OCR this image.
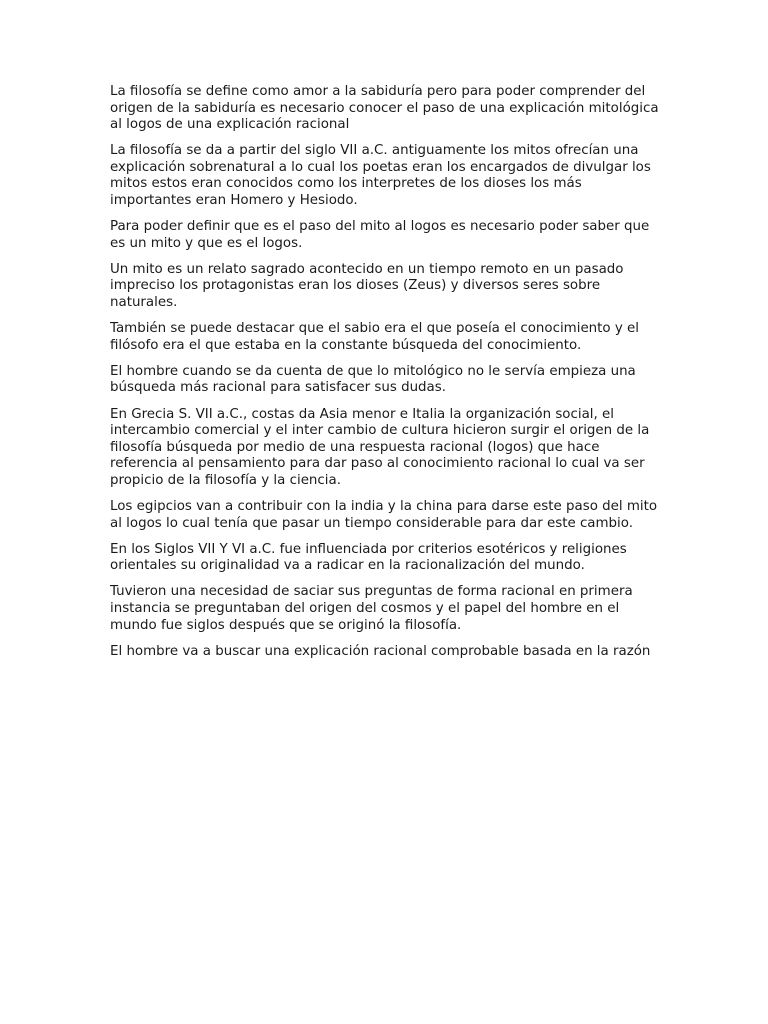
La filosofía se define como amor a la sabiduría pero para poder comprender del origen de la sabiduría es necesario conocer el paso de una explicación mitológica al logos de una explicación racional

La filosofía se da a partir del siglo VII a.C. antiguamente los mitos ofrecían una explicación sobrenatural a lo cual los poetas eran los encargados de divulgar los mitos estos eran conocidos como los interpretes de los dioses los más importantes eran Homero y Hesiodo.

Para poder definir que es el paso del mito al logos es necesario poder saber que es un mito y que es el logos.

Un mito es un relato sagrado acontecido en un tiempo remoto en un pasado impreciso los protagonistas eran los dioses (Zeus) y diversos seres sobre naturales.

También se puede destacar que el sabio era el que poseía el conocimiento y el filósofo era el que estaba en la constante búsqueda del conocimiento.

El hombre cuando se da cuenta de que lo mitológico no le servía empieza una búsqueda más racional para satisfacer sus dudas.

En Grecia S. VII a.C., costas da Asia menor e Italia la organización social, el intercambio comercial y el inter cambio de cultura hicieron surgir el origen de la filosofía búsqueda por medio de una respuesta racional (logos) que hace referencia al pensamiento para dar paso al conocimiento racional lo cual va ser propicio de la filosofía y la ciencia.

Los egipcios van a contribuir con la india y la china para darse este paso del mito al logos lo cual tenía que pasar un tiempo considerable para dar este cambio.

En los Siglos VII Y VI a.C. fue influenciada por criterios esotéricos y religiones orientales su originalidad va a radicar en la racionalización del mundo.

Tuvieron una necesidad de saciar sus preguntas de forma racional en primera instancia se preguntaban del origen del cosmos y el papel del hombre en el mundo fue siglos después que se originó la filosofía.

El hombre va a buscar una explicación racional comprobable basada en la razón
